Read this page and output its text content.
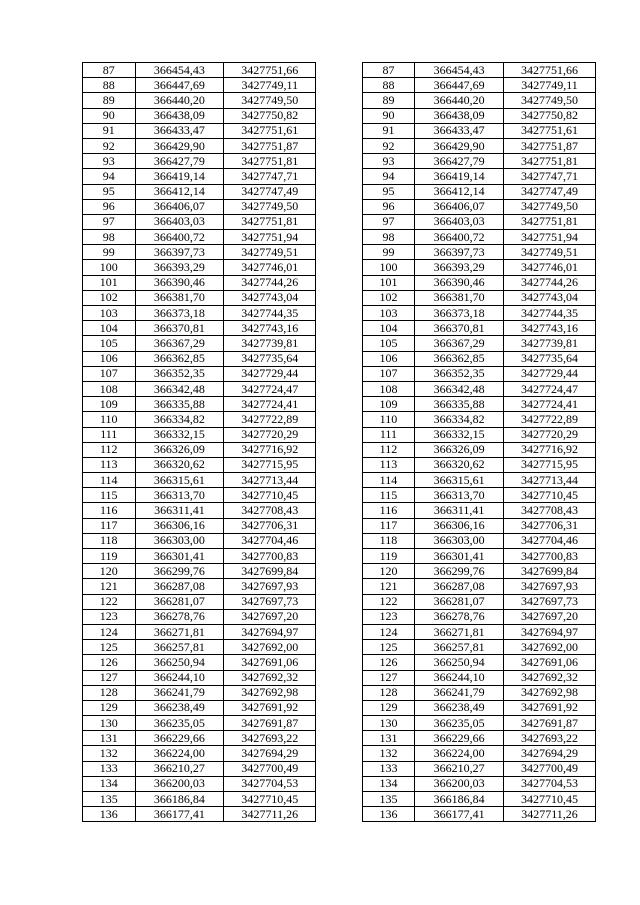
87	366454,43	3427751,66		87	366454,43	3427751,66
88	366447,69	3427749,11		88	366447,69	3427749,11
89	366440,20	3427749,50		89	366440,20	3427749,50
90	366438,09	3427750,82		90	366438,09	3427750,82
91	366433,47	3427751,61		91	366433,47	3427751,61
92	366429,90	3427751,87		92	366429,90	3427751,87
93	366427,79	3427751,81		93	366427,79	3427751,81
94	366419,14	3427747,71		94	366419,14	3427747,71
95	366412,14	3427747,49		95	366412,14	3427747,49
96	366406,07	3427749,50		96	366406,07	3427749,50
97	366403,03	3427751,81		97	366403,03	3427751,81
98	366400,72	3427751,94		98	366400,72	3427751,94
99	366397,73	3427749,51		99	366397,73	3427749,51
100	366393,29	3427746,01		100	366393,29	3427746,01
101	366390,46	3427744,26		101	366390,46	3427744,26
102	366381,70	3427743,04		102	366381,70	3427743,04
103	366373,18	3427744,35		103	366373,18	3427744,35
104	366370,81	3427743,16		104	366370,81	3427743,16
105	366367,29	3427739,81		105	366367,29	3427739,81
106	366362,85	3427735,64		106	366362,85	3427735,64
107	366352,35	3427729,44		107	366352,35	3427729,44
108	366342,48	3427724,47		108	366342,48	3427724,47
109	366335,88	3427724,41		109	366335,88	3427724,41
110	366334,82	3427722,89		110	366334,82	3427722,89
111	366332,15	3427720,29		111	366332,15	3427720,29
112	366326,09	3427716,92		112	366326,09	3427716,92
113	366320,62	3427715,95		113	366320,62	3427715,95
114	366315,61	3427713,44		114	366315,61	3427713,44
115	366313,70	3427710,45		115	366313,70	3427710,45
116	366311,41	3427708,43		116	366311,41	3427708,43
117	366306,16	3427706,31		117	366306,16	3427706,31
118	366303,00	3427704,46		118	366303,00	3427704,46
119	366301,41	3427700,83		119	366301,41	3427700,83
120	366299,76	3427699,84		120	366299,76	3427699,84
121	366287,08	3427697,93		121	366287,08	3427697,93
122	366281,07	3427697,73		122	366281,07	3427697,73
123	366278,76	3427697,20		123	366278,76	3427697,20
124	366271,81	3427694,97		124	366271,81	3427694,97
125	366257,81	3427692,00		125	366257,81	3427692,00
126	366250,94	3427691,06		126	366250,94	3427691,06
127	366244,10	3427692,32		127	366244,10	3427692,32
128	366241,79	3427692,98		128	366241,79	3427692,98
129	366238,49	3427691,92		129	366238,49	3427691,92
130	366235,05	3427691,87		130	366235,05	3427691,87
131	366229,66	3427693,22		131	366229,66	3427693,22
132	366224,00	3427694,29		132	366224,00	3427694,29
133	366210,27	3427700,49		133	366210,27	3427700,49
134	366200,03	3427704,53		134	366200,03	3427704,53
135	366186,84	3427710,45		135	366186,84	3427710,45
136	366177,41	3427711,26		136	366177,41	3427711,26
